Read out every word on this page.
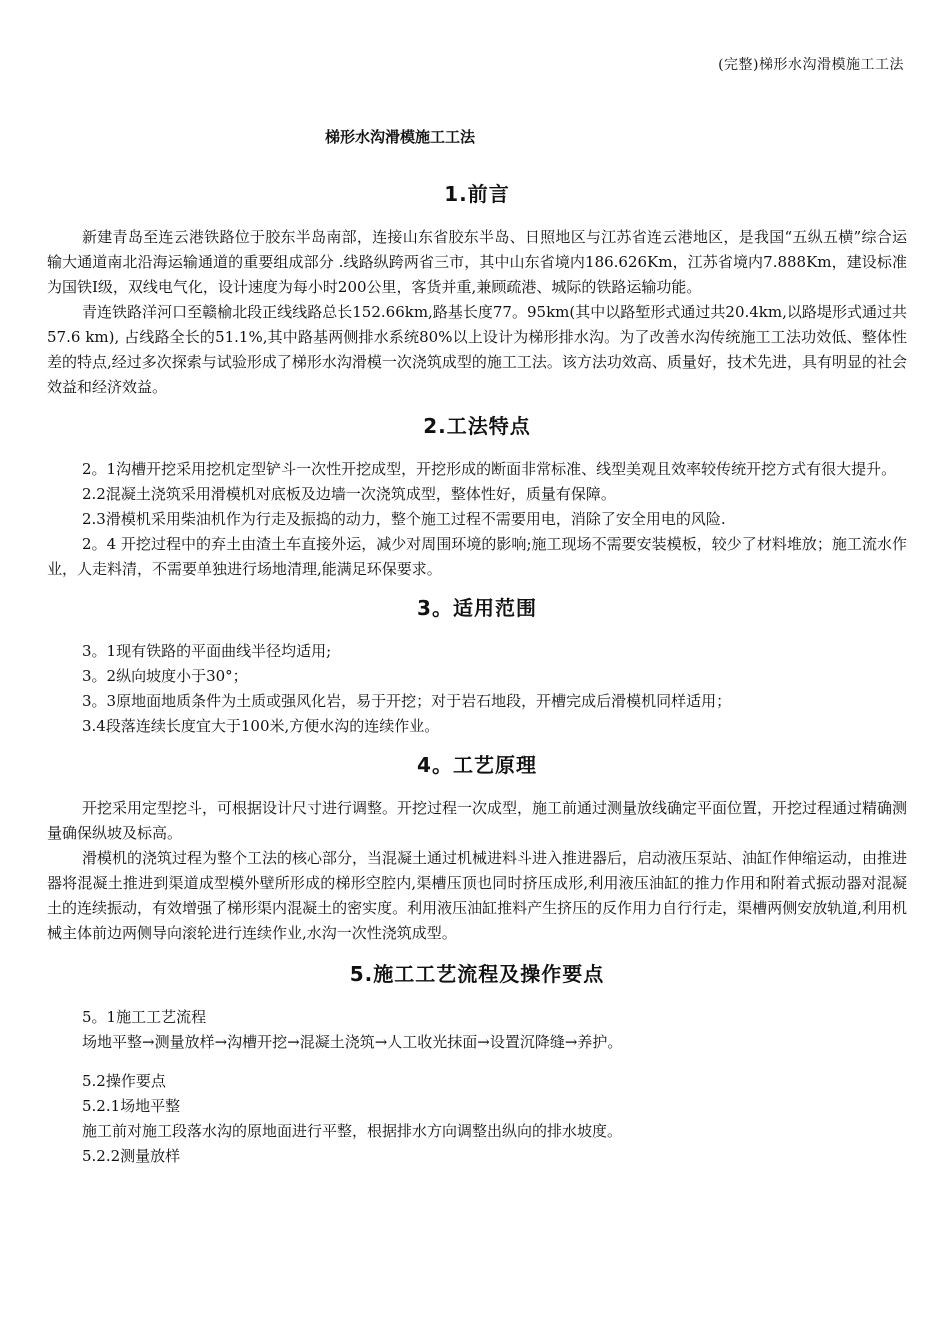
(完整)梯形水沟滑模施工工法
梯形水沟滑模施工工法
1.前言

新建青岛至连云港铁路位于胶东半岛南部，连接山东省胶东半岛、日照地区与江苏省连云港地区，是我国“五纵五横”综合运输大通道南北沿海运输通道的重要组成部分 .线路纵跨两省三市，其中山东省境内186.626Km，江苏省境内7.888Km，建设标准为国铁Ⅰ级，双线电气化，设计速度为每小时200公里，客货并重,兼顾疏港、城际的铁路运输功能。

青连铁路洋河口至赣榆北段正线线路总长152.66km,路基长度77。95km(其中以路堑形式通过共20.4km,以路堤形式通过共57.6 km), 占线路全长的51.1%,其中路基两侧排水系统80%以上设计为梯形排水沟。为了改善水沟传统施工工法功效低、整体性差的特点,经过多次探索与试验形成了梯形水沟滑模一次浇筑成型的施工工法。该方法功效高、质量好，技术先进，具有明显的社会效益和经济效益。

2.工法特点

2。1沟槽开挖采用挖机定型铲斗一次性开挖成型，开挖形成的断面非常标准、线型美观且效率较传统开挖方式有很大提升。

2.2混凝土浇筑采用滑模机对底板及边墙一次浇筑成型，整体性好，质量有保障。

2.3滑模机采用柴油机作为行走及振捣的动力，整个施工过程不需要用电，消除了安全用电的风险.

2。4 开挖过程中的弃土由渣土车直接外运，减少对周围环境的影响;施工现场不需要安装模板，较少了材料堆放；施工流水作业，人走料清，不需要单独进行场地清理,能满足环保要求。

3。适用范围

3。1现有铁路的平面曲线半径均适用;

3。2纵向坡度小于30°；

3。3原地面地质条件为土质或强风化岩，易于开挖；对于岩石地段，开槽完成后滑模机同样适用；

3.4段落连续长度宜大于100米,方便水沟的连续作业。

4。工艺原理

开挖采用定型挖斗，可根据设计尺寸进行调整。开挖过程一次成型，施工前通过测量放线确定平面位置，开挖过程通过精确测量确保纵坡及标高。

滑模机的浇筑过程为整个工法的核心部分，当混凝土通过机械进料斗进入推进器后，启动液压泵站、油缸作伸缩运动，由推进器将混凝土推进到渠道成型模外壁所形成的梯形空腔内,渠槽压顶也同时挤压成形,利用液压油缸的推力作用和附着式振动器对混凝土的连续振动，有效增强了梯形渠内混凝土的密实度。利用液压油缸推料产生挤压的反作用力自行行走，渠槽两侧安放轨道,利用机械主体前边两侧导向滚轮进行连续作业,水沟一次性浇筑成型。

5.施工工艺流程及操作要点

5。1施工工艺流程

场地平整→测量放样→沟槽开挖→混凝土浇筑→人工收光抹面→设置沉降缝→养护。

5.2操作要点

5.2.1场地平整

施工前对施工段落水沟的原地面进行平整，根据排水方向调整出纵向的排水坡度。

5.2.2测量放样
